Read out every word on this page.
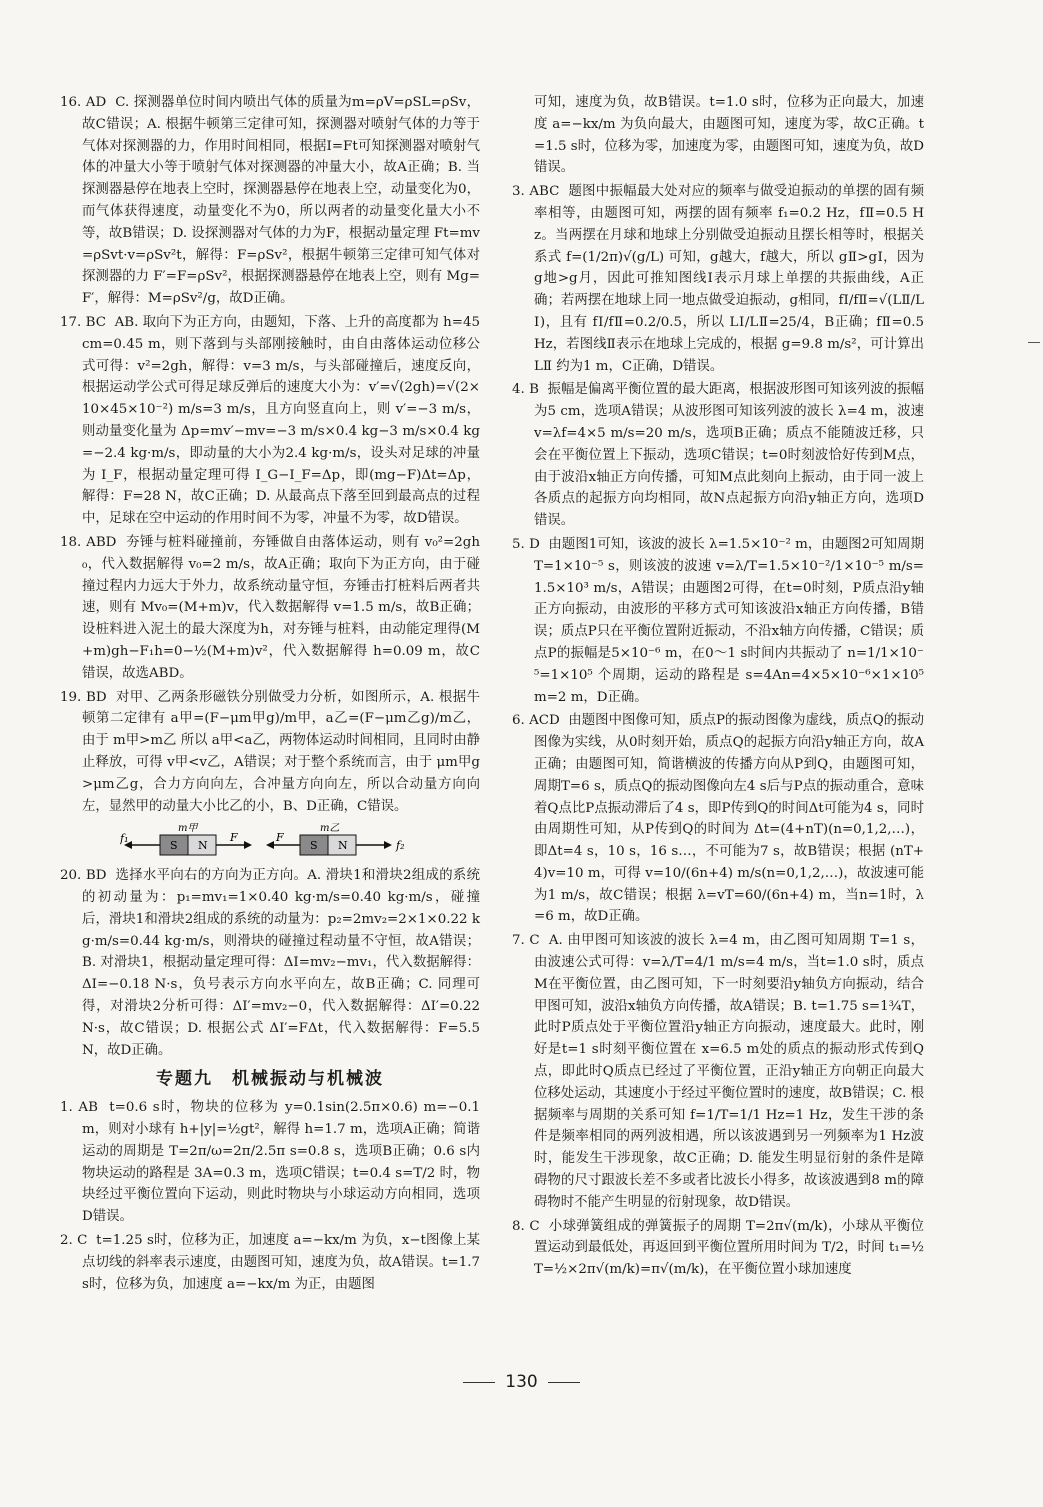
16. AD  C. 探测器单位时间内喷出气体的质量为m=ρV=ρSL=ρSv，故C错误；A. 根据牛顿第三定律可知，探测器对喷射气体的力等于气体对探测器的力，作用时间相同，根据I=Ft可知探测器对喷射气体的冲量大小等于喷射气体对探测器的冲量大小，故A正确；B. 当探测器悬停在地表上空时，探测器悬停在地表上空，动量变化为0，而气体获得速度，动量变化不为0，所以两者的动量变化量大小不等，故B错误；D. 设探测器对气体的力为F，根据动量定理 Ft=mv=ρSvt·v=ρSv²t，解得：F=ρSv²，根据牛顿第三定律可知气体对探测器的力 F′=F=ρSv²，根据探测器悬停在地表上空，则有 Mg=F′，解得：M=ρSv²/g，故D正确。

17. BC  AB. 取向下为正方向，由题知，下落、上升的高度都为 h=45 cm=0.45 m，则下落到与头部刚接触时，由自由落体运动位移公式可得：v²=2gh，解得：v=3 m/s，与头部碰撞后，速度反向，根据运动学公式可得足球反弹后的速度大小为：v′=√(2gh)=√(2×10×45×10⁻²) m/s=3 m/s，且方向竖直向上，则 v′=−3 m/s，则动量变化量为 Δp=mv′−mv=−3 m/s×0.4 kg−3 m/s×0.4 kg=−2.4 kg·m/s，即动量的大小为2.4 kg·m/s，设头对足球的冲量为 I_F，根据动量定理可得 I_G−I_F=Δp，即(mg−F)Δt=Δp，解得：F=28 N，故C正确；D. 从最高点下落至回到最高点的过程中，足球在空中运动的作用时间不为零，冲量不为零，故D错误。

18. ABD  夯锤与桩料碰撞前，夯锤做自由落体运动，则有 v₀²=2gh₀，代入数据解得 v₀=2 m/s，故A正确；取向下为正方向，由于碰撞过程内力远大于外力，故系统动量守恒，夯锤击打桩料后两者共速，则有 Mv₀=(M+m)v，代入数据解得 v=1.5 m/s，故B正确；设桩料进入泥土的最大深度为h，对夯锤与桩料，由动能定理得(M+m)gh−F₁h=0−½(M+m)v²，代入数据解得 h=0.09 m，故C错误，故选ABD。

19. BD  对甲、乙两条形磁铁分别做受力分析，如图所示，A. 根据牛顿第二定律有 a甲=(F−μm甲g)/m甲，a乙=(F−μm乙g)/m乙，由于 m甲>m乙 所以 a甲<a乙，两物体运动时间相同，且同时由静止释放，可得 v甲<v乙，A错误；对于整个系统而言，由于 μm甲g>μm乙g，合力方向向左，合冲量方向向左，所以合动量方向向左，显然甲的动量大小比乙的小，B、D正确，C错误。

f₁
S N
m甲
F	F
S N
m乙
f₂

20. BD  选择水平向右的方向为正方向。A. 滑块1和滑块2组成的系统的初动量为：p₁=mv₁=1×0.40 kg·m/s=0.40 kg·m/s，碰撞后，滑块1和滑块2组成的系统的动量为：p₂=2mv₂=2×1×0.22 kg·m/s=0.44 kg·m/s，则滑块的碰撞过程动量不守恒，故A错误；B. 对滑块1，根据动量定理可得：ΔI=mv₂−mv₁，代入数据解得：ΔI=−0.18 N·s，负号表示方向水平向左，故B正确；C. 同理可得，对滑块2分析可得：ΔI′=mv₂−0，代入数据解得：ΔI′=0.22 N·s，故C错误；D. 根据公式 ΔI′=FΔt，代入数据解得：F=5.5 N，故D正确。

专题九　机械振动与机械波

1. AB  t=0.6 s时，物块的位移为 y=0.1sin(2.5π×0.6) m=−0.1 m，则对小球有 h+|y|=½gt²，解得 h=1.7 m，选项A正确；简谐运动的周期是 T=2π/ω=2π/2.5π s=0.8 s，选项B正确；0.6 s内物块运动的路程是 3A=0.3 m，选项C错误；t=0.4 s=T/2 时，物块经过平衡位置向下运动，则此时物块与小球运动方向相同，选项D错误。

2. C  t=1.25 s时，位移为正，加速度 a=−kx/m 为负，x−t图像上某点切线的斜率表示速度，由题图可知，速度为负，故A错误。t=1.7 s时，位移为负，加速度 a=−kx/m 为正，由题图

可知，速度为负，故B错误。t=1.0 s时，位移为正向最大，加速度 a=−kx/m 为负向最大，由题图可知，速度为零，故C正确。t=1.5 s时，位移为零，加速度为零，由题图可知，速度为负，故D错误。

3. ABC  题图中振幅最大处对应的频率与做受迫振动的单摆的固有频率相等，由题图可知，两摆的固有频率 f₁=0.2 Hz，fⅡ=0.5 Hz。当两摆在月球和地球上分别做受迫振动且摆长相等时，根据关系式 f=(1/2π)√(g/L) 可知，g越大，f越大，所以 gⅡ>gⅠ，因为 g地>g月，因此可推知图线Ⅰ表示月球上单摆的共振曲线，A正确；若两摆在地球上同一地点做受迫振动，g相同，fⅠ/fⅡ=√(LⅡ/LⅠ)，且有 fⅠ/fⅡ=0.2/0.5，所以 LⅠ/LⅡ=25/4，B正确；fⅡ=0.5 Hz，若图线Ⅱ表示在地球上完成的，根据 g=9.8 m/s²，可计算出 LⅡ 约为1 m，C正确，D错误。

4. B  振幅是偏离平衡位置的最大距离，根据波形图可知该列波的振幅为5 cm，选项A错误；从波形图可知该列波的波长 λ=4 m，波速 v=λf=4×5 m/s=20 m/s，选项B正确；质点不能随波迁移，只会在平衡位置上下振动，选项C错误；t=0时刻波恰好传到M点，由于波沿x轴正方向传播，可知M点此刻向上振动，由于同一波上各质点的起振方向均相同，故N点起振方向沿y轴正方向，选项D错误。

5. D  由题图1可知，该波的波长 λ=1.5×10⁻² m，由题图2可知周期 T=1×10⁻⁵ s，则该波的波速 v=λ/T=1.5×10⁻²/1×10⁻⁵ m/s=1.5×10³ m/s，A错误；由题图2可得，在t=0时刻，P质点沿y轴正方向振动，由波形的平移方式可知该波沿x轴正方向传播，B错误；质点P只在平衡位置附近振动，不沿x轴方向传播，C错误；质点P的振幅是5×10⁻⁶ m，在0～1 s时间内共振动了 n=1/1×10⁻⁵=1×10⁵ 个周期，运动的路程是 s=4An=4×5×10⁻⁶×1×10⁵ m=2 m，D正确。

6. ACD  由题图中图像可知，质点P的振动图像为虚线，质点Q的振动图像为实线，从0时刻开始，质点Q的起振方向沿y轴正方向，故A正确；由题图可知，简谐横波的传播方向从P到Q，由题图可知，周期T=6 s，质点Q的振动图像向左4 s后与P点的振动重合，意味着Q点比P点振动滞后了4 s，即P传到Q的时间Δt可能为4 s，同时由周期性可知，从P传到Q的时间为 Δt=(4+nT)(n=0,1,2,…)，即Δt=4 s，10 s，16 s…，不可能为7 s，故B错误；根据 (nT+4)v=10 m，可得 v=10/(6n+4) m/s(n=0,1,2,…)，故波速可能为1 m/s，故C错误；根据 λ=vT=60/(6n+4) m，当n=1时，λ=6 m，故D正确。

7. C  A. 由甲图可知该波的波长 λ=4 m，由乙图可知周期 T=1 s，由波速公式可得：v=λ/T=4/1 m/s=4 m/s，当t=1.0 s时，质点M在平衡位置，由乙图可知，下一时刻要沿y轴负方向振动，结合甲图可知，波沿x轴负方向传播，故A错误；B. t=1.75 s=1¾T，此时P质点处于平衡位置沿y轴正方向振动，速度最大。此时，刚好是t=1 s时刻平衡位置在 x=6.5 m处的质点的振动形式传到Q点，即此时Q质点已经过了平衡位置，正沿y轴正方向朝正向最大位移处运动，其速度小于经过平衡位置时的速度，故B错误；C. 根据频率与周期的关系可知 f=1/T=1/1 Hz=1 Hz，发生干涉的条件是频率相同的两列波相遇，所以该波遇到另一列频率为1 Hz波时，能发生干涉现象，故C正确；D. 能发生明显衍射的条件是障碍物的尺寸跟波长差不多或者比波长小得多，故该波遇到8 m的障碍物时不能产生明显的衍射现象，故D错误。

8. C  小球弹簧组成的弹簧振子的周期 T=2π√(m/k)，小球从平衡位置运动到最低处，再返回到平衡位置所用时间为 T/2，时间 t₁=½T=½×2π√(m/k)=π√(m/k)，在平衡位置小球加速度

130
